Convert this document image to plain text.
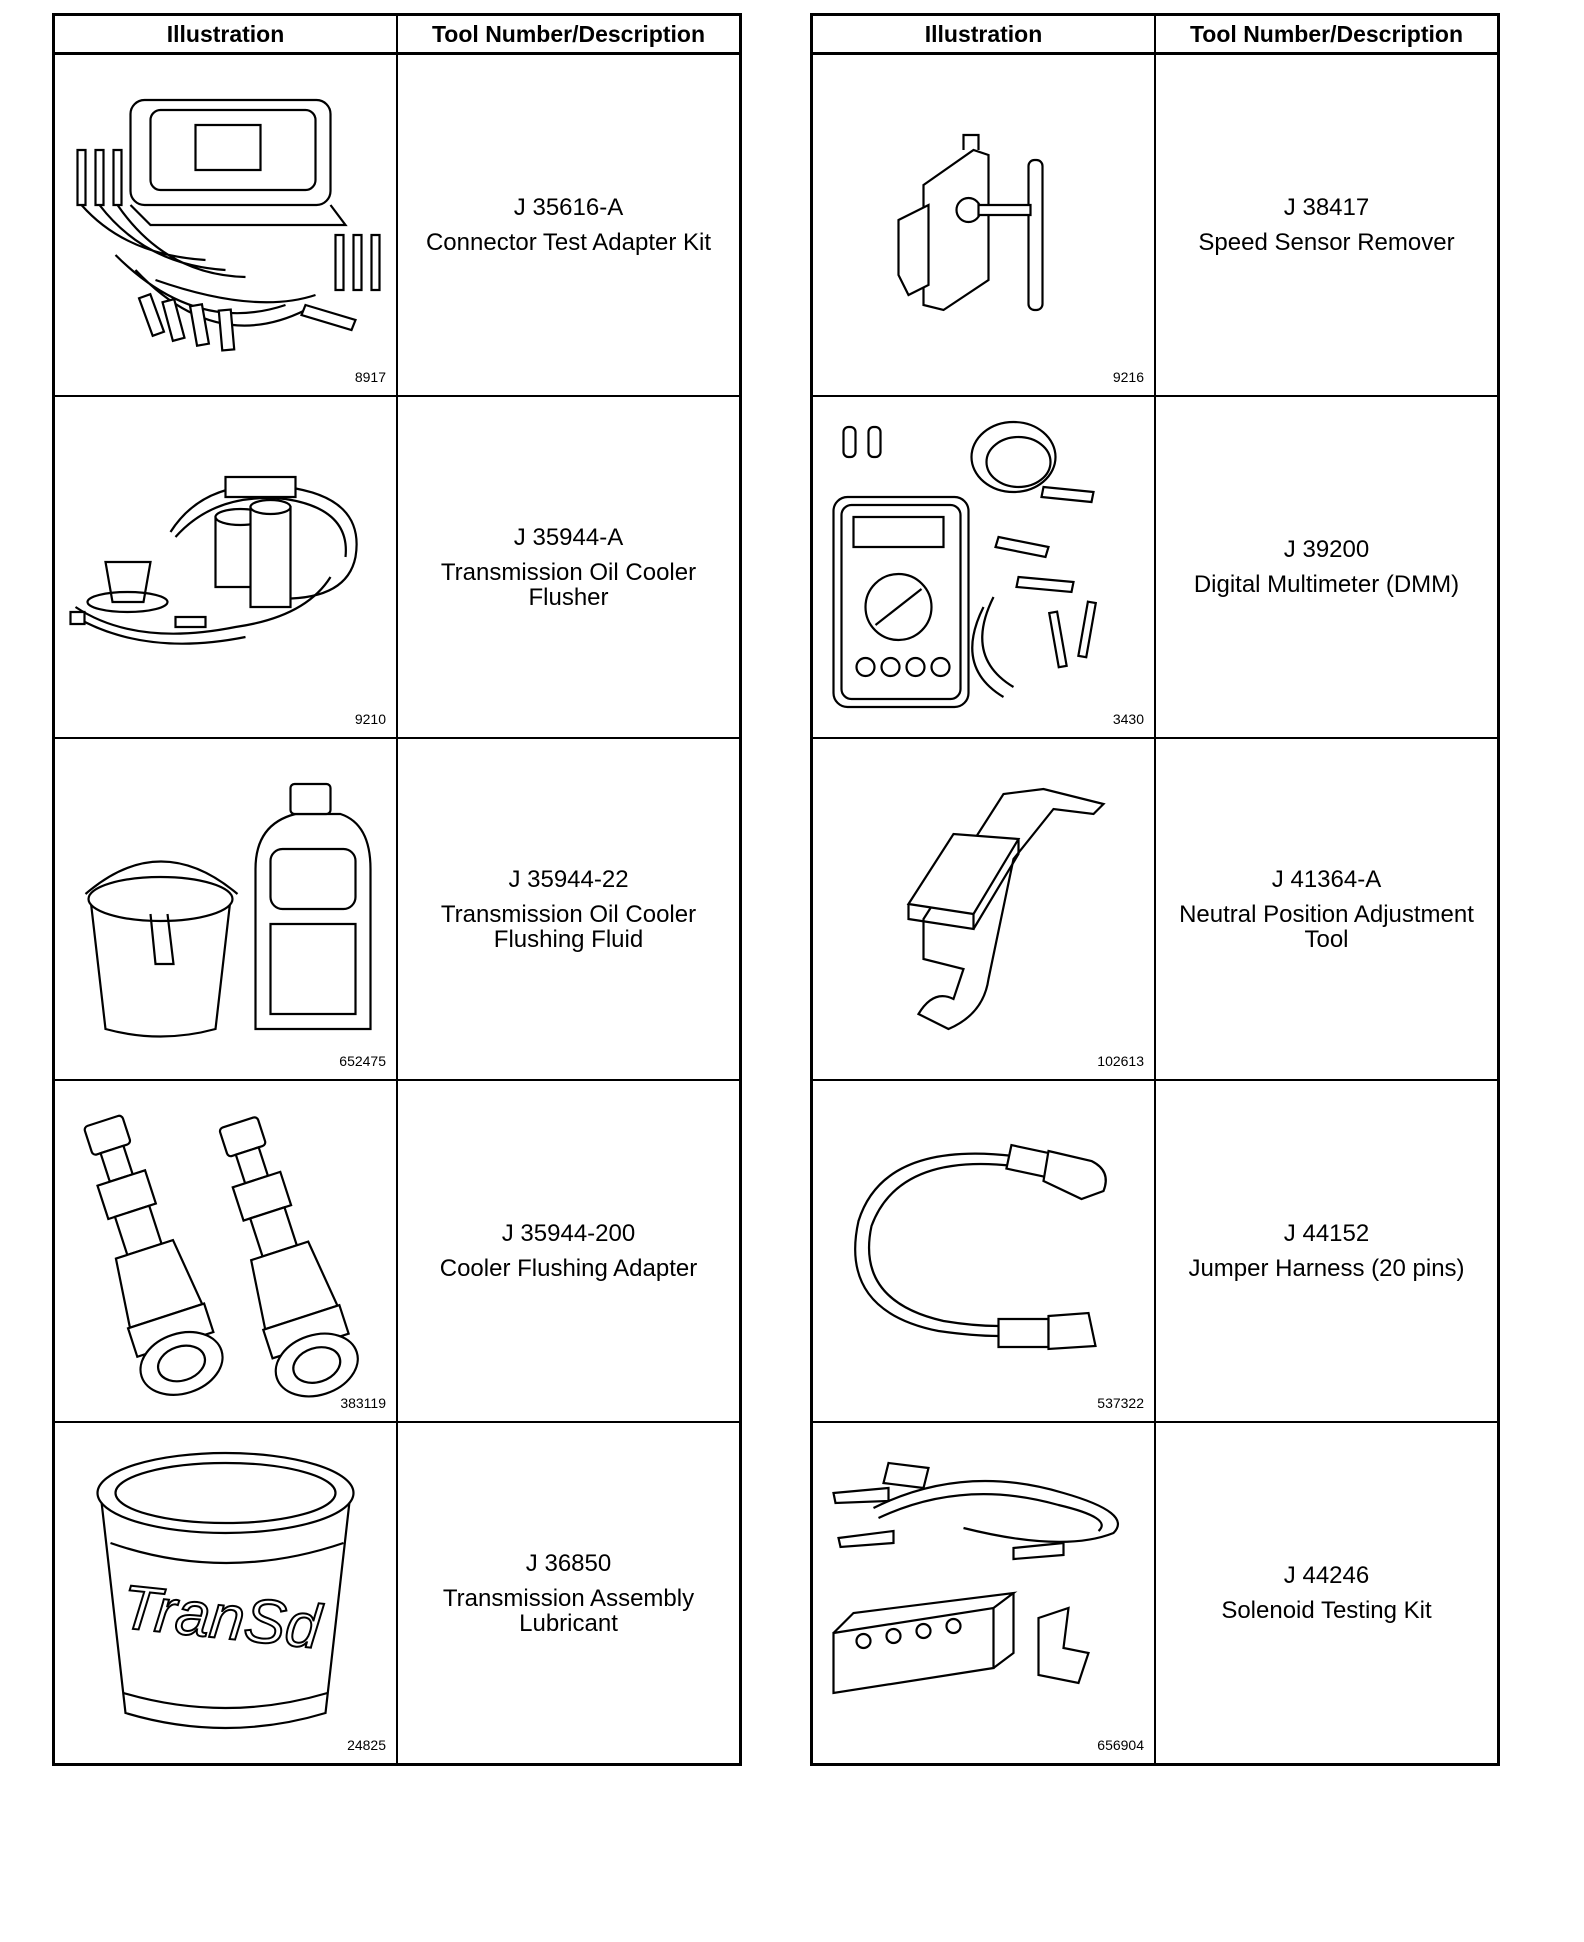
Illustration	Tool Number/Description

8917	J 35616-A
Connector Test Adapter Kit

9210	J 35944-A
Transmission Oil Cooler Flusher

652475	J 35944-22
Transmission Oil Cooler Flushing Fluid

383119	J 35944-200
Cooler Flushing Adapter

TranSd
24825	J 36850
Transmission Assembly Lubricant
Illustration	Tool Number/Description

9216	J 38417
Speed Sensor Remover

3430	J 39200
Digital Multimeter (DMM)

102613	J 41364-A
Neutral Position Adjustment Tool

537322	J 44152
Jumper Harness (20 pins)

656904	J 44246
Solenoid Testing Kit
